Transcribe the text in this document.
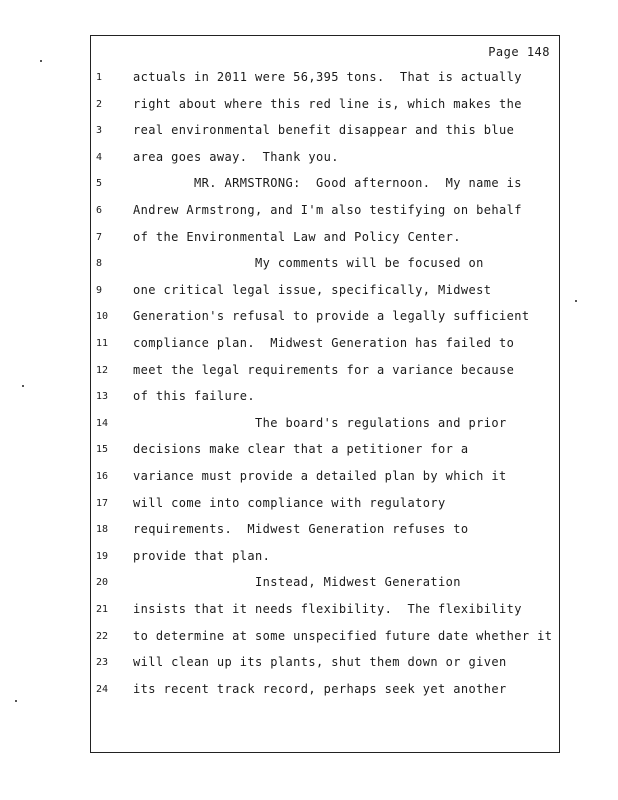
Page 148
1	actuals in 2011 were 56,395 tons.  That is actually
2	right about where this red line is, which makes the
3	real environmental benefit disappear and this blue
4	area goes away.  Thank you.
5	MR. ARMSTRONG:  Good afternoon.  My name is
6	Andrew Armstrong, and I'm also testifying on behalf
7	of the Environmental Law and Policy Center.
8	My comments will be focused on
9	one critical legal issue, specifically, Midwest
10	Generation's refusal to provide a legally sufficient
11	compliance plan.  Midwest Generation has failed to
12	meet the legal requirements for a variance because
13	of this failure.
14	The board's regulations and prior
15	decisions make clear that a petitioner for a
16	variance must provide a detailed plan by which it
17	will come into compliance with regulatory
18	requirements.  Midwest Generation refuses to
19	provide that plan.
20	Instead, Midwest Generation
21	insists that it needs flexibility.  The flexibility
22	to determine at some unspecified future date whether it
23	will clean up its plants, shut them down or given
24	its recent track record, perhaps seek yet another
